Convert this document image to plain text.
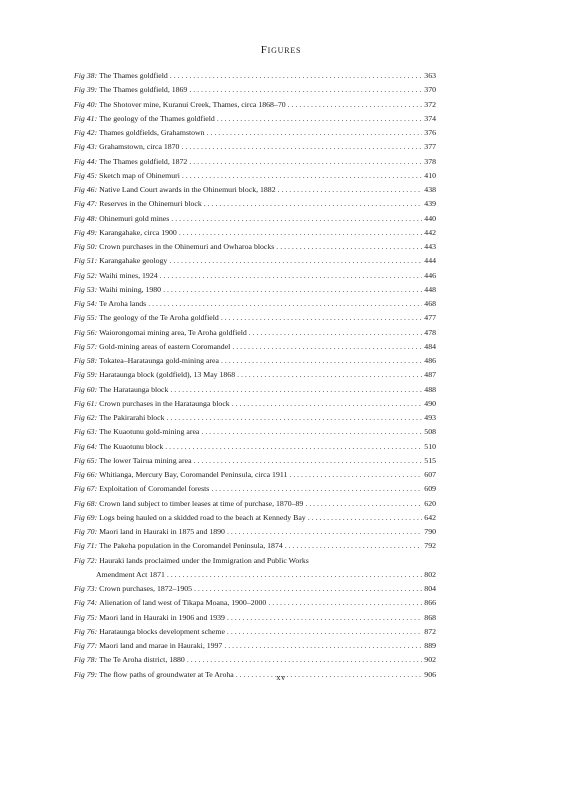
Figures
Fig 38:
The Thames goldfield . . .	363
Fig 39:
The Thames goldfield, 1869 . . .	370
Fig 40:
The Shotover mine, Kuranui Creek, Thames, circa 1868–70 . . .	372
Fig 41:
The geology of the Thames goldfield . . .	374
Fig 42:
Thames goldfields, Grahamstown . . .	376
Fig 43:
Grahamstown, circa 1870 . . .	377
Fig 44:
The Thames goldfield, 1872 . . .	378
Fig 45:
Sketch map of Ohinemuri . . .	410
Fig 46:
Native Land Court awards in the Ohinemuri block, 1882 . . .	438
Fig 47:
Reserves in the Ohinemuri block . . .	439
Fig 48:
Ohinemuri gold mines . . .	440
Fig 49:
Karangahake, circa 1900 . . .	442
Fig 50:
Crown purchases in the Ohinemuri and Owharoa blocks . . .	443
Fig 51:
Karangahake geology . . .	444
Fig 52:
Waihi mines, 1924 . . .	446
Fig 53:
Waihi mining, 1980 . . .	448
Fig 54:
Te Aroha lands . . .	468
Fig 55:
The geology of the Te Aroha goldfield . . .	477
Fig 56:
Waiorongomai mining area, Te Aroha goldfield . . .	478
Fig 57:
Gold-mining areas of eastern Coromandel . . .	484
Fig 58:
Tokatea–Harataunga gold-mining area . . .	486
Fig 59:
Harataunga block (goldfield), 13 May 1868 . . .	487
Fig 60:
The Harataunga block . . .	488
Fig 61:
Crown purchases in the Harataunga block . . .	490
Fig 62:
The Pakirarahi block . . .	493
Fig 63:
The Kuaotunu gold-mining area . . .	508
Fig 64:
The Kuaotunu block . . .	510
Fig 65:
The lower Tairua mining area . . .	515
Fig 66:
Whitianga, Mercury Bay, Coromandel Peninsula, circa 1911 . . .	607
Fig 67:
Exploitation of Coromandel forests . . .	609
Fig 68:
Crown land subject to timber leases at time of purchase, 1870–89 . . .	620
Fig 69:
Logs being hauled on a skidded road to the beach at Kennedy Bay . . .	642
Fig 70:
Maori land in Hauraki in 1875 and 1890 . . .	790
Fig 71:
The Pakeha population in the Coromandel Peninsula, 1874 . . .	792
Fig 72:
Hauraki lands proclaimed under the Immigration and Public Works
Amendment Act 1871 . . .	802
Fig 73:
Crown purchases, 1872–1905 . . .	804
Fig 74:
Alienation of land west of Tikapa Moana, 1900–2000 . . .	866
Fig 75:
Maori land in Hauraki in 1906 and 1939 . . .	868
Fig 76:
Harataunga blocks development scheme . . .	872
Fig 77:
Maori land and marae in Hauraki, 1997 . . .	889
Fig 78:
The Te Aroha district, 1880 . . .	902
Fig 79:
The flow paths of groundwater at Te Aroha . . .	906
xv
